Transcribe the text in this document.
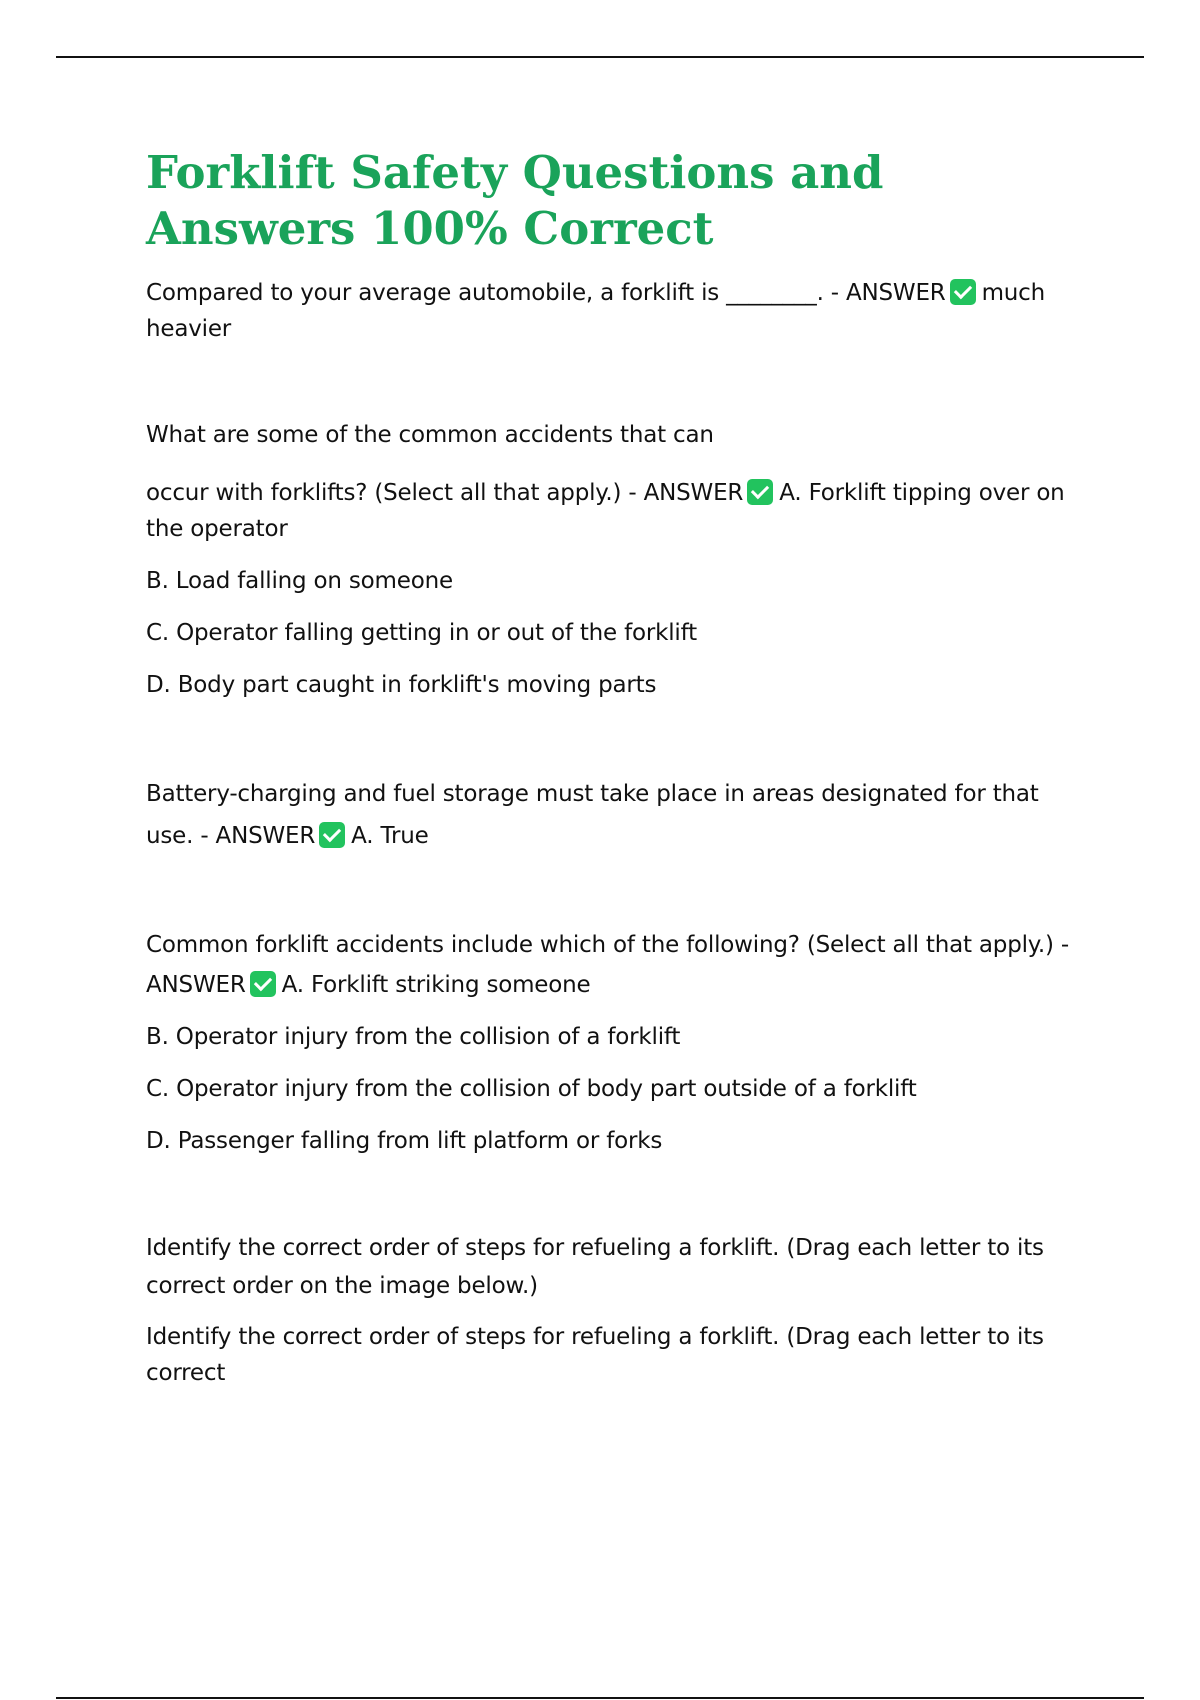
Forklift Safety Questions and Answers 100% Correct

Compared to your average automobile, a forklift is ________. - ANSWER much heavier

What are some of the common accidents that can

occur with forklifts? (Select all that apply.) - ANSWER A. Forklift tipping over on the operator

B. Load falling on someone

C. Operator falling getting in or out of the forklift

D. Body part caught in forklift's moving parts

Battery-charging and fuel storage must take place in areas designated for that use. - ANSWER A. True

Common forklift accidents include which of the following? (Select all that apply.) - ANSWER A. Forklift striking someone

B. Operator injury from the collision of a forklift

C. Operator injury from the collision of body part outside of a forklift

D. Passenger falling from lift platform or forks

Identify the correct order of steps for refueling a forklift. (Drag each letter to its correct order on the image below.)

Identify the correct order of steps for refueling a forklift. (Drag each letter to its correct
